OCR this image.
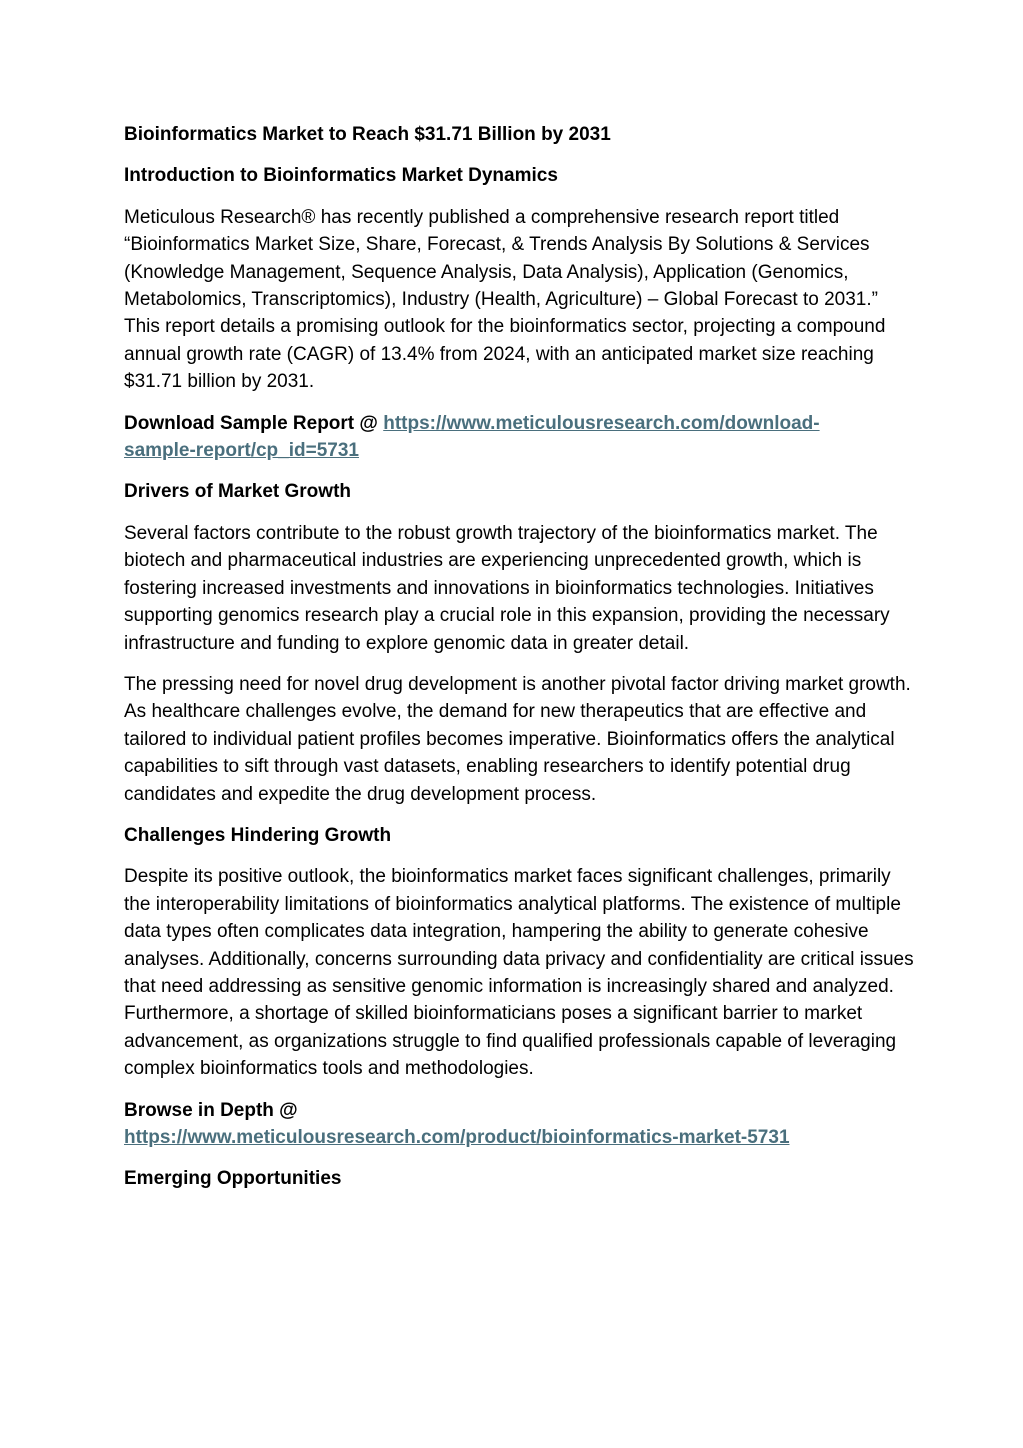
Bioinformatics Market to Reach $31.71 Billion by 2031
Introduction to Bioinformatics Market Dynamics

Meticulous Research® has recently published a comprehensive research report titled “Bioinformatics Market Size, Share, Forecast, & Trends Analysis By Solutions & Services (Knowledge Management, Sequence Analysis, Data Analysis), Application (Genomics, Metabolomics, Transcriptomics), Industry (Health, Agriculture) – Global Forecast to 2031.” This report details a promising outlook for the bioinformatics sector, projecting a compound annual growth rate (CAGR) of 13.4% from 2024, with an anticipated market size reaching $31.71 billion by 2031.

Download Sample Report @ https://www.meticulousresearch.com/download-
sample-report/cp_id=5731
Drivers of Market Growth

Several factors contribute to the robust growth trajectory of the bioinformatics market. The biotech and pharmaceutical industries are experiencing unprecedented growth, which is fostering increased investments and innovations in bioinformatics technologies. Initiatives supporting genomics research play a crucial role in this expansion, providing the necessary infrastructure and funding to explore genomic data in greater detail.

The pressing need for novel drug development is another pivotal factor driving market growth. As healthcare challenges evolve, the demand for new therapeutics that are effective and tailored to individual patient profiles becomes imperative. Bioinformatics offers the analytical capabilities to sift through vast datasets, enabling researchers to identify potential drug candidates and expedite the drug development process.

Challenges Hindering Growth

Despite its positive outlook, the bioinformatics market faces significant challenges, primarily the interoperability limitations of bioinformatics analytical platforms. The existence of multiple data types often complicates data integration, hampering the ability to generate cohesive analyses. Additionally, concerns surrounding data privacy and confidentiality are critical issues that need addressing as sensitive genomic information is increasingly shared and analyzed. Furthermore, a shortage of skilled bioinformaticians poses a significant barrier to market advancement, as organizations struggle to find qualified professionals capable of leveraging complex bioinformatics tools and methodologies.

Browse in Depth @
https://www.meticulousresearch.com/product/bioinformatics-market-5731
Emerging Opportunities
